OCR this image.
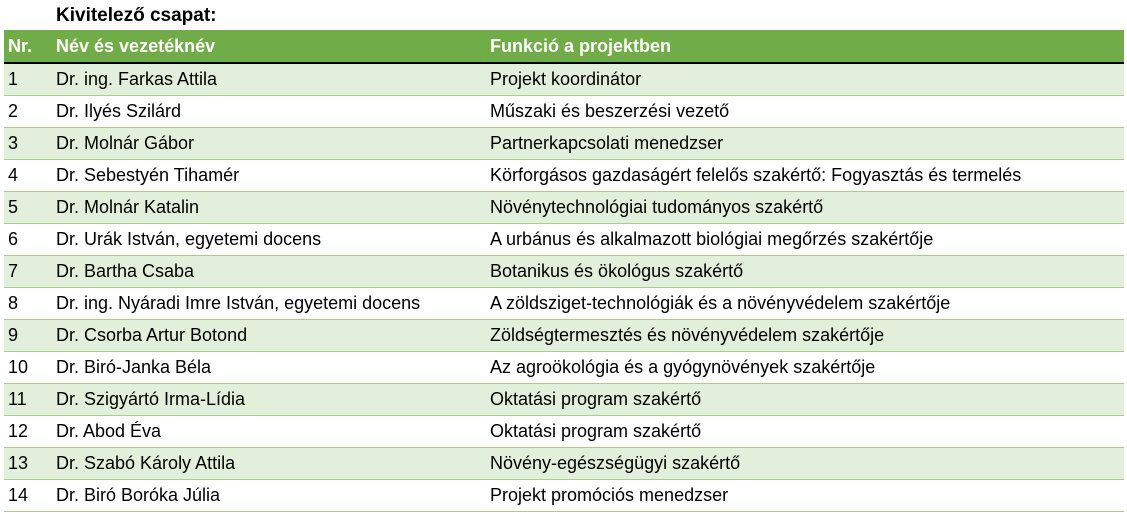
Kivitelező csapat:
Nr.	Név és vezetéknév	Funkció a projektben
1	Dr. ing. Farkas Attila	Projekt koordinátor
2	Dr. Ilyés Szilárd	Műszaki és beszerzési vezető
3	Dr. Molnár Gábor	Partnerkapcsolati menedzser
4	Dr. Sebestyén Tihamér	Körforgásos gazdaságért felelős szakértő: Fogyasztás és termelés
5	Dr. Molnár Katalin	Növénytechnológiai tudományos szakértő
6	Dr. Urák István, egyetemi docens	A urbánus és alkalmazott biológiai megőrzés szakértője
7	Dr. Bartha Csaba	Botanikus és ökológus szakértő
8	Dr. ing. Nyáradi Imre István, egyetemi docens	A zöldsziget-technológiák és a növényvédelem szakértője
9	Dr. Csorba Artur Botond	Zöldségtermesztés és növényvédelem szakértője
10	Dr. Biró-Janka Béla	Az agroökológia és a gyógynövények szakértője
11	Dr. Szigyártó Irma-Lídia	Oktatási program szakértő
12	Dr. Abod Éva	Oktatási program szakértő
13	Dr. Szabó Károly Attila	Növény-egészségügyi szakértő
14	Dr. Biró Boróka Júlia	Projekt promóciós menedzser
